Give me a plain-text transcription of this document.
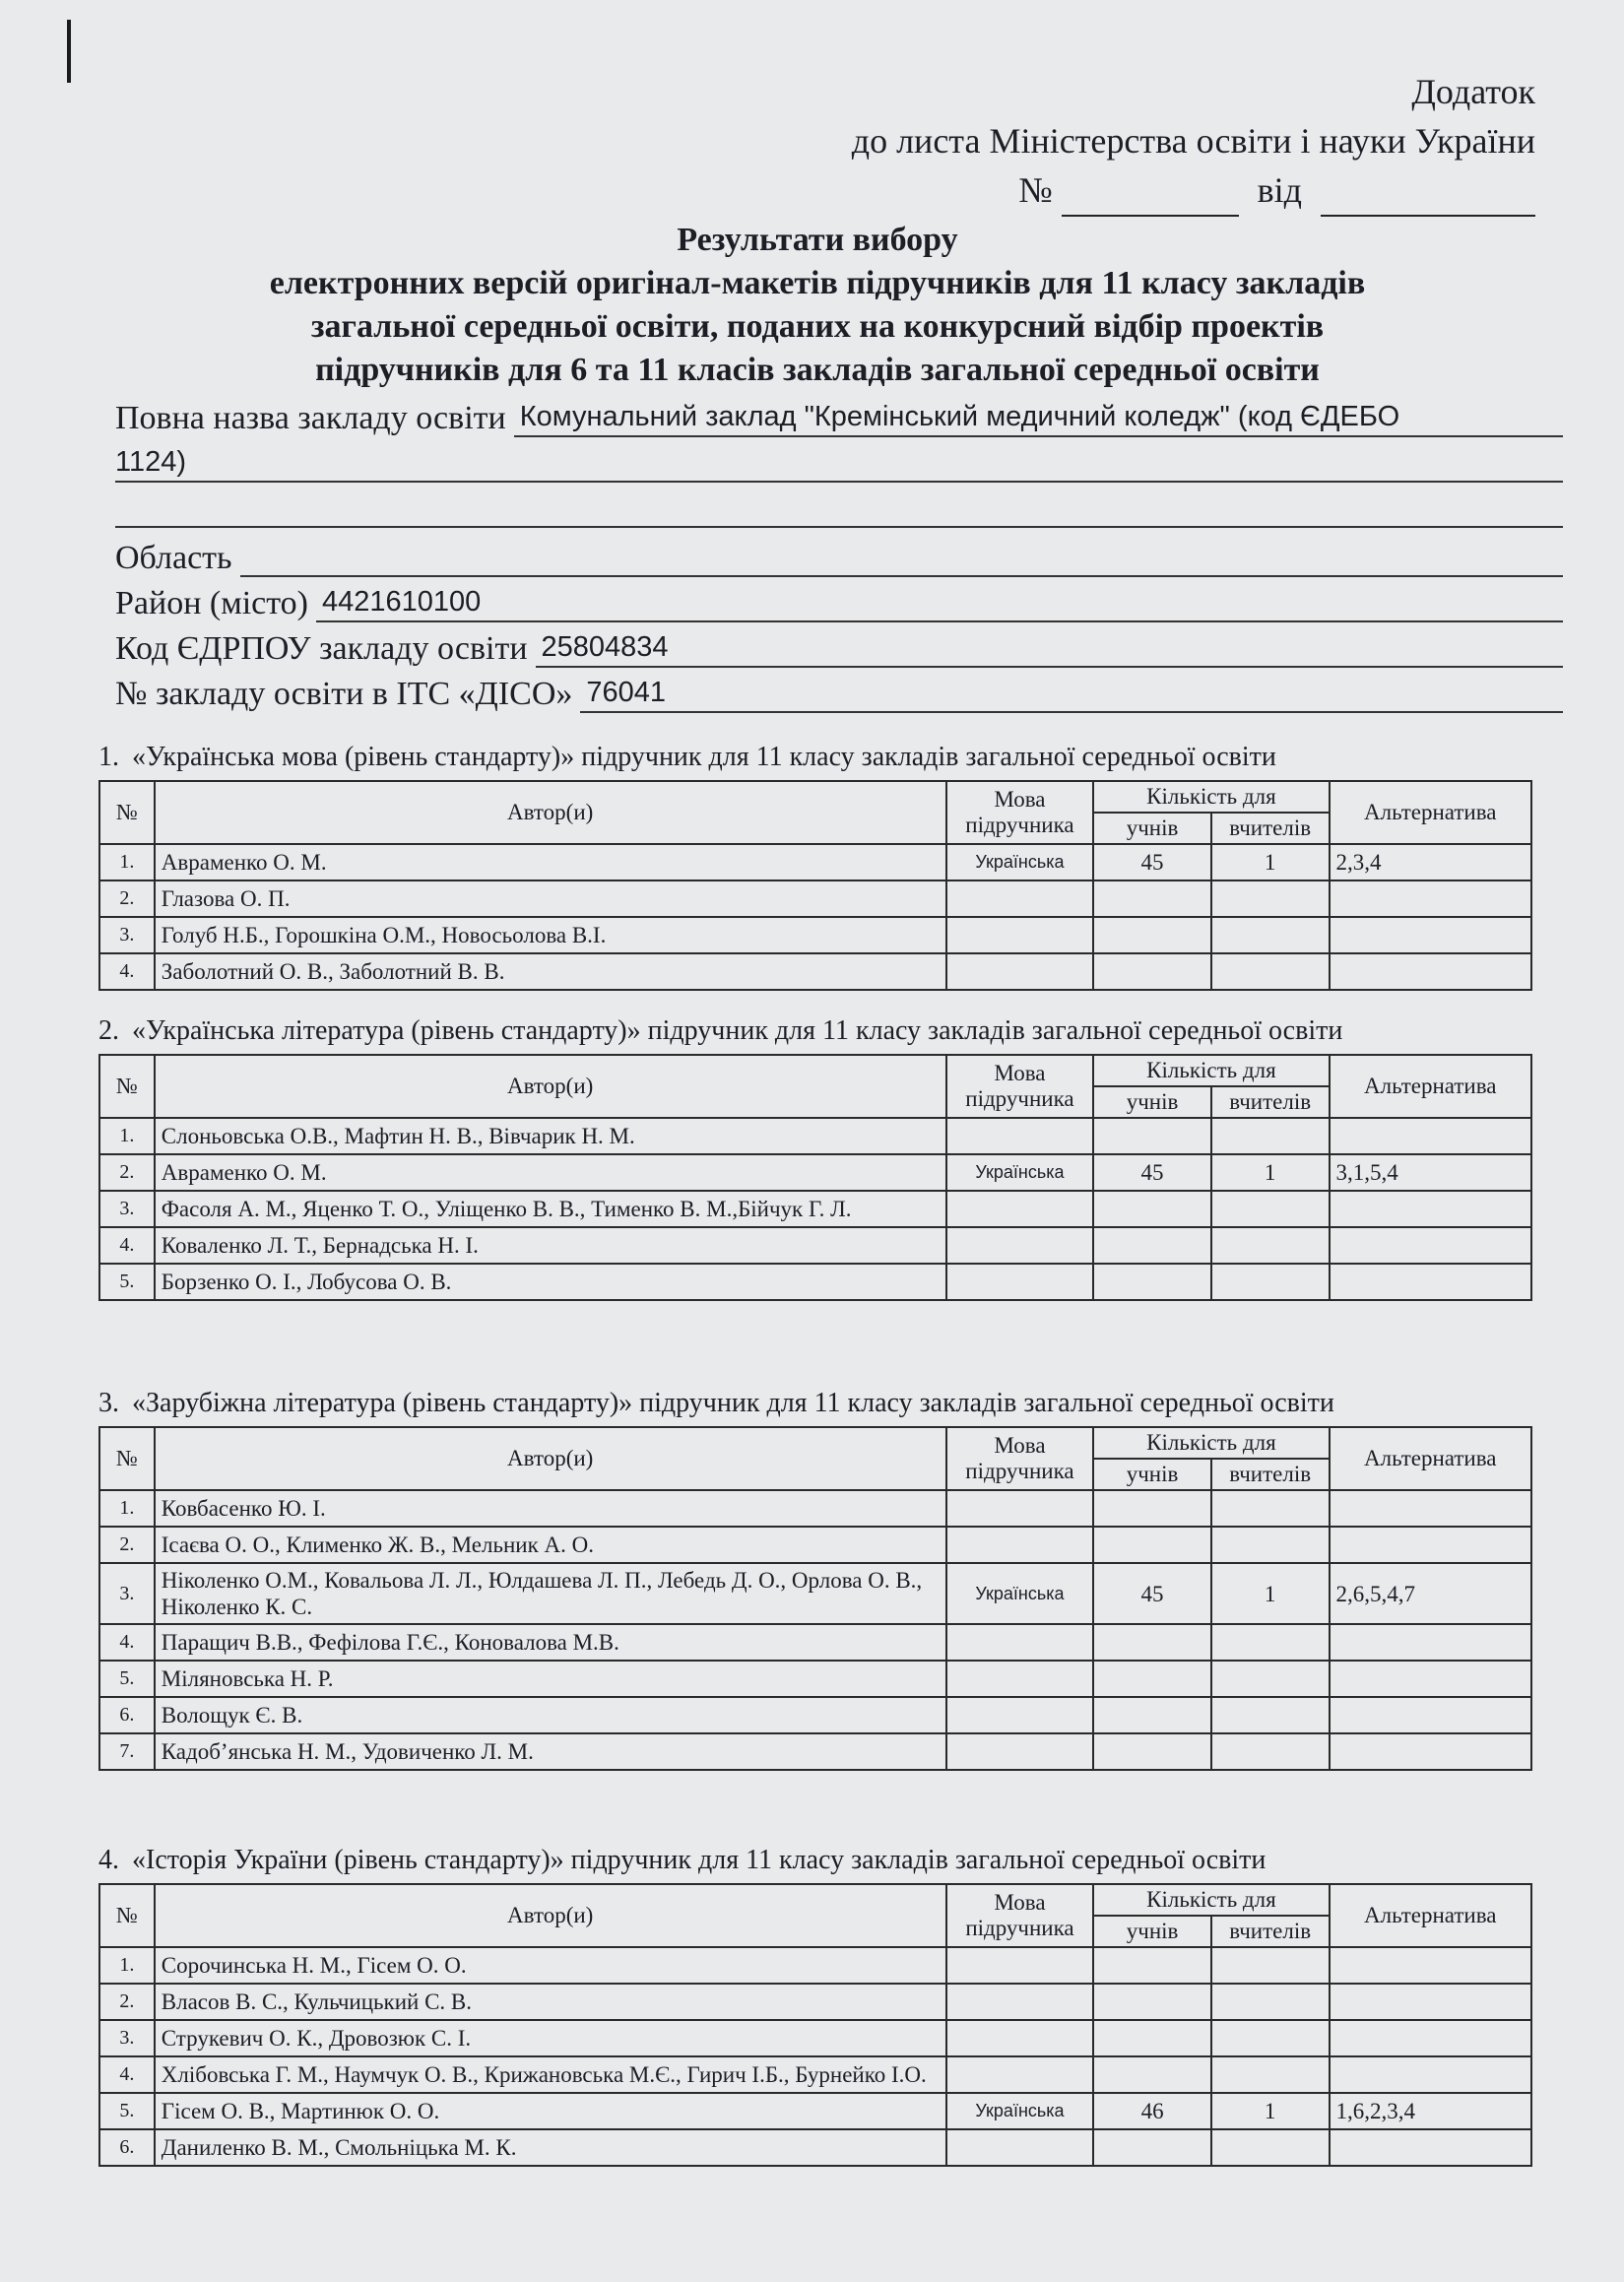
Додаток
до листа Міністерства освіти і науки України
№	від
Результати вибору
електронних версій оригінал-макетів підручників для 11 класу закладів
загальної середньої освіти, поданих на конкурсний відбір проектів
підручників для 6 та 11 класів закладів загальної середньої освіти
Повна назва закладу освіти Комунальний заклад "Кремінський медичний коледж" (код ЄДЕБО
1124)
Область
Район (місто) 4421610100
Код ЄДРПОУ закладу освіти 25804834
№ закладу освіти в ІТС «ДІСО» 76041
1. «Українська мова (рівень стандарту)» підручник для 11 класу закладів загальної середньої освіти
№	Автор(и)	Мова підручника	Кількість для		Альтернатива
			учнів	вчителів	
1.	Авраменко О. М.	Українська	45	1	2,3,4
2.	Глазова О. П.				
3.	Голуб Н.Б., Горошкіна О.М., Новосьолова В.І.				
4.	Заболотний О. В., Заболотний В. В.				
2. «Українська література (рівень стандарту)» підручник для 11 класу закладів загальної середньої освіти
№	Автор(и)	Мова підручника	Кількість для		Альтернатива
			учнів	вчителів	
1.	Слоньовська О.В., Мафтин Н. В., Вівчарик Н. М.				
2.	Авраменко О. М.	Українська	45	1	3,1,5,4
3.	Фасоля А. М., Яценко Т. О., Уліщенко В. В., Тименко В. М.,Бійчук Г. Л.				
4.	Коваленко Л. Т., Бернадська Н. І.				
5.	Борзенко О. І., Лобусова О. В.				
3. «Зарубіжна література (рівень стандарту)» підручник для 11 класу закладів загальної середньої освіти
№	Автор(и)	Мова підручника	Кількість для		Альтернатива
			учнів	вчителів	
1.	Ковбасенко Ю. І.				
2.	Ісаєва О. О., Клименко Ж. В., Мельник А. О.				
3.	Ніколенко О.М., Ковальова Л. Л., Юлдашева Л. П., Лебедь Д. О., Орлова О. В., Ніколенко К. С.	Українська	45	1	2,6,5,4,7
4.	Паращич В.В., Фефілова Г.Є., Коновалова М.В.				
5.	Міляновська Н. Р.				
6.	Волощук Є. В.				
7.	Кадоб’янська Н. М., Удовиченко Л. М.				
4. «Історія України (рівень стандарту)» підручник для 11 класу закладів загальної середньої освіти
№	Автор(и)	Мова підручника	Кількість для		Альтернатива
			учнів	вчителів	
1.	Сорочинська Н. М., Гісем О. О.				
2.	Власов В. С., Кульчицький С. В.				
3.	Струкевич О. К., Дровозюк С. І.				
4.	Хлібовська Г. М., Наумчук О. В., Крижановська М.Є., Гирич І.Б., Бурнейко І.О.				
5.	Гісем О. В., Мартинюк О. О.	Українська	46	1	1,6,2,3,4
6.	Даниленко В. М., Смольніцька М. К.				
